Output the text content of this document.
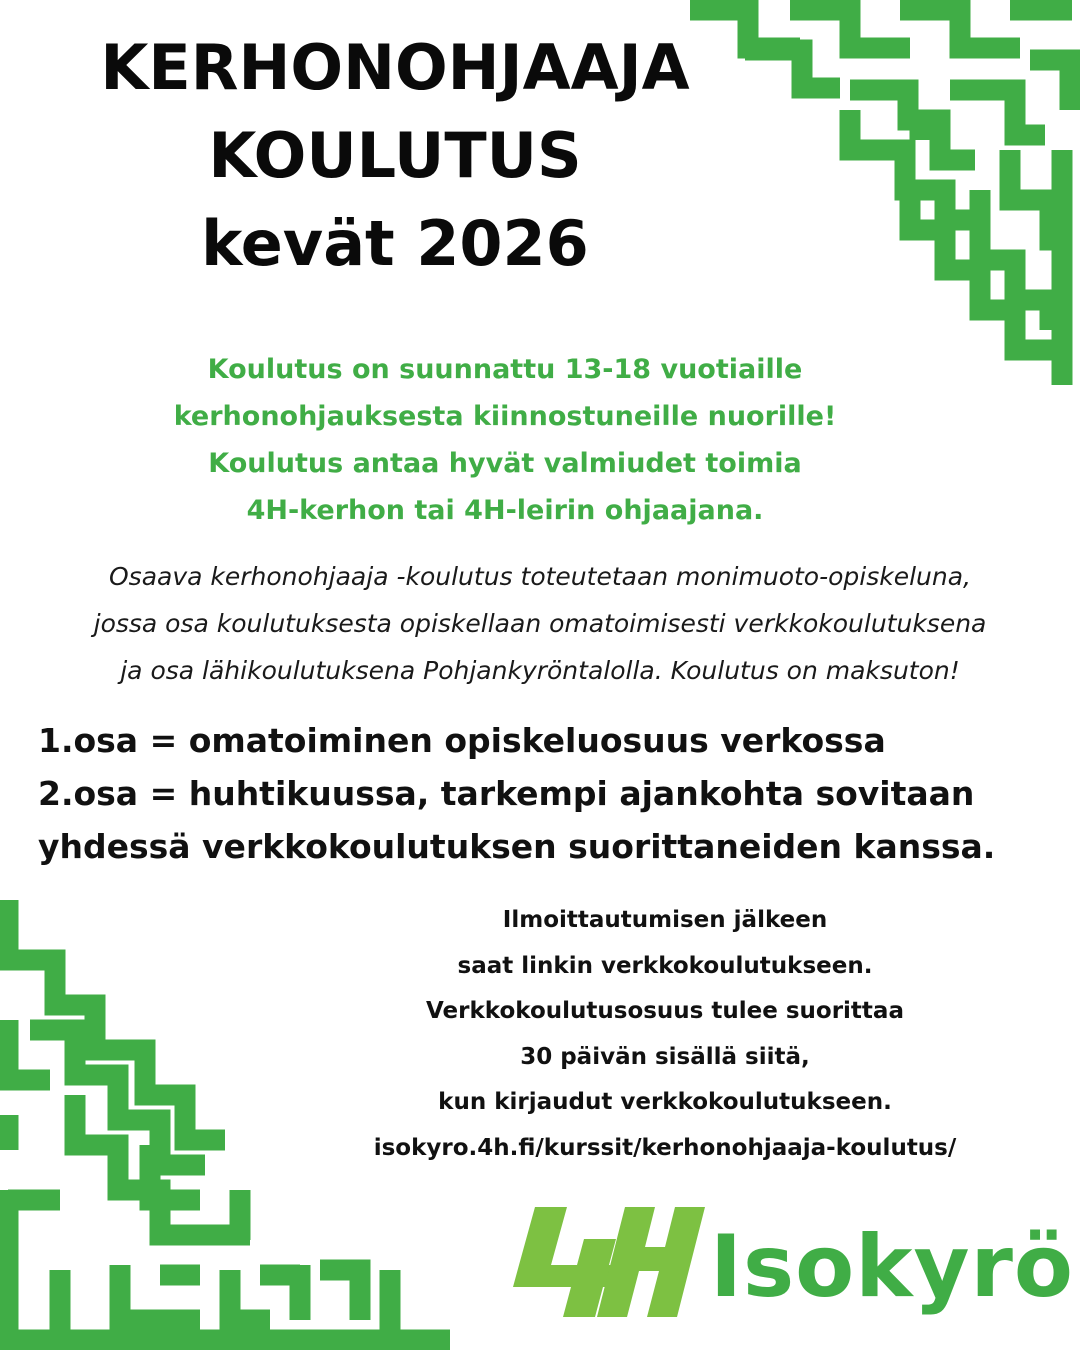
KERHONOHJAAJA
KOULUTUS
kevät 2026
Koulutus on suunnattu 13-18 vuotiaille
kerhonohjauksesta kiinnostuneille nuorille!
Koulutus antaa hyvät valmiudet toimia
4H-kerhon tai 4H-leirin ohjaajana.
Osaava kerhonohjaaja -koulutus toteutetaan monimuoto-opiskeluna,
jossa osa koulutuksesta opiskellaan omatoimisesti verkkokoulutuksena
ja osa lähikoulutuksena Pohjankyröntalolla. Koulutus on maksuton!
1.osa = omatoiminen opiskeluosuus verkossa
2.osa = huhtikuussa, tarkempi ajankohta sovitaan
yhdessä verkkokoulutuksen suorittaneiden kanssa.
Ilmoittautumisen jälkeen
saat linkin verkkokoulutukseen.
Verkkokoulutusosuus tulee suorittaa
30 päivän sisällä siitä,
kun kirjaudut verkkokoulutukseen.
isokyro.4h.fi/kurssit/kerhonohjaaja-koulutus/
Isokyrö
